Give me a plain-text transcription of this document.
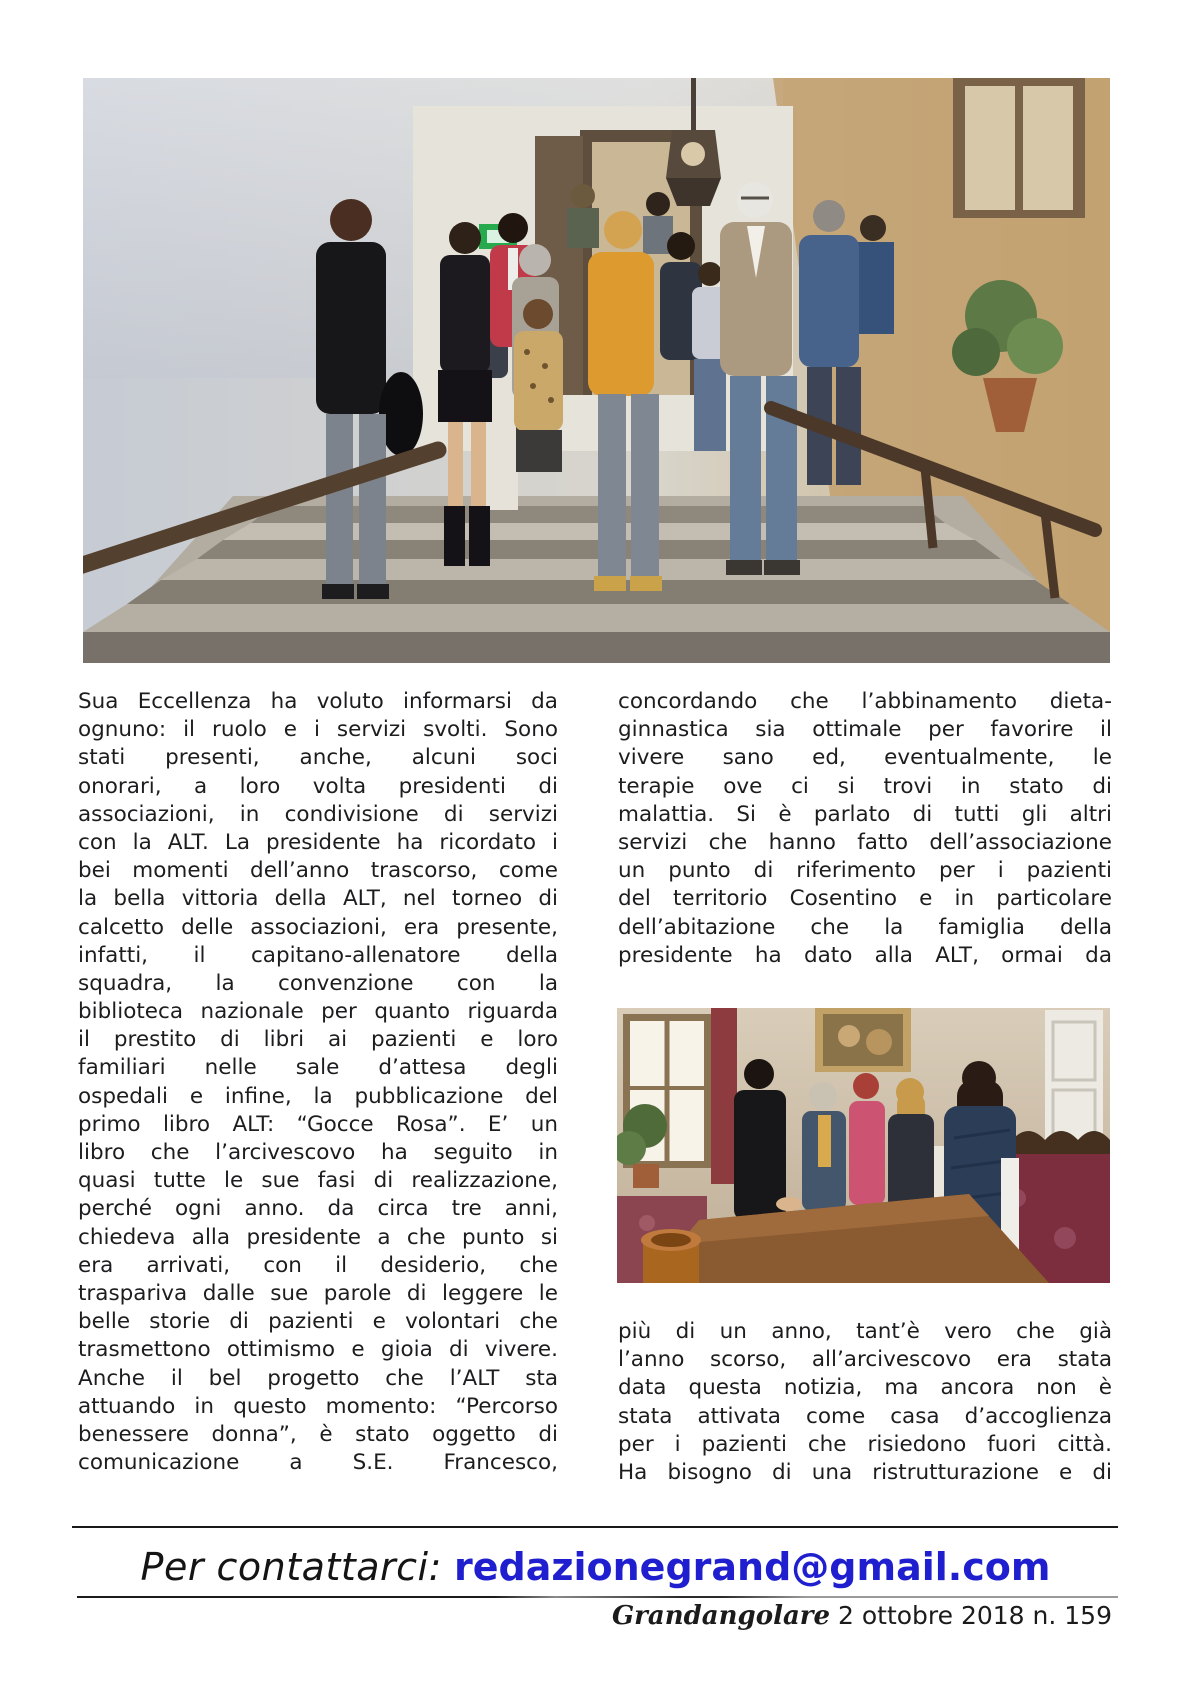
Sua Eccellenza ha voluto informarsi da
ognuno: il ruolo e i servizi svolti. Sono
stati presenti, anche, alcuni soci
onorari, a loro volta presidenti di
associazioni, in condivisione di servizi
con la ALT. La presidente ha ricordato i
bei momenti dell’anno trascorso, come
la bella vittoria della ALT, nel torneo di
calcetto delle associazioni, era presente,
infatti, il capitano-allenatore della
squadra, la convenzione con la
biblioteca nazionale per quanto riguarda
il prestito di libri ai pazienti e loro
familiari nelle sale d’attesa degli
ospedali e infine, la pubblicazione del
primo libro ALT: “Gocce Rosa”. E’ un
libro che l’arcivescovo ha seguito in
quasi tutte le sue fasi di realizzazione,
perché ogni anno. da circa tre anni,
chiedeva alla presidente a che punto si
era arrivati, con il desiderio, che
traspariva dalle sue parole di leggere le
belle storie di pazienti e volontari che
trasmettono ottimismo e gioia di vivere.
Anche il bel progetto che l’ALT sta
attuando in questo momento: “Percorso
benessere donna”, è stato oggetto di
comunicazione a S.E. Francesco,
concordando che l’abbinamento dieta-
ginnastica sia ottimale per favorire il
vivere sano ed, eventualmente, le
terapie ove ci si trovi in stato di
malattia. Si è parlato di tutti gli altri
servizi che hanno fatto dell’associazione
un punto di riferimento per i pazienti
del territorio Cosentino e in particolare
dell’abitazione che la famiglia della
presidente ha dato alla ALT, ormai da
più di un anno, tant’è vero che già
l’anno scorso, all’arcivescovo era stata
data questa notizia, ma ancora non è
stata attivata come casa d’accoglienza
per i pazienti che risiedono fuori città.
Ha bisogno di una ristrutturazione e di
Per contattarci: redazionegrand@gmail.com
Grandangolare 2 ottobre 2018 n. 159
